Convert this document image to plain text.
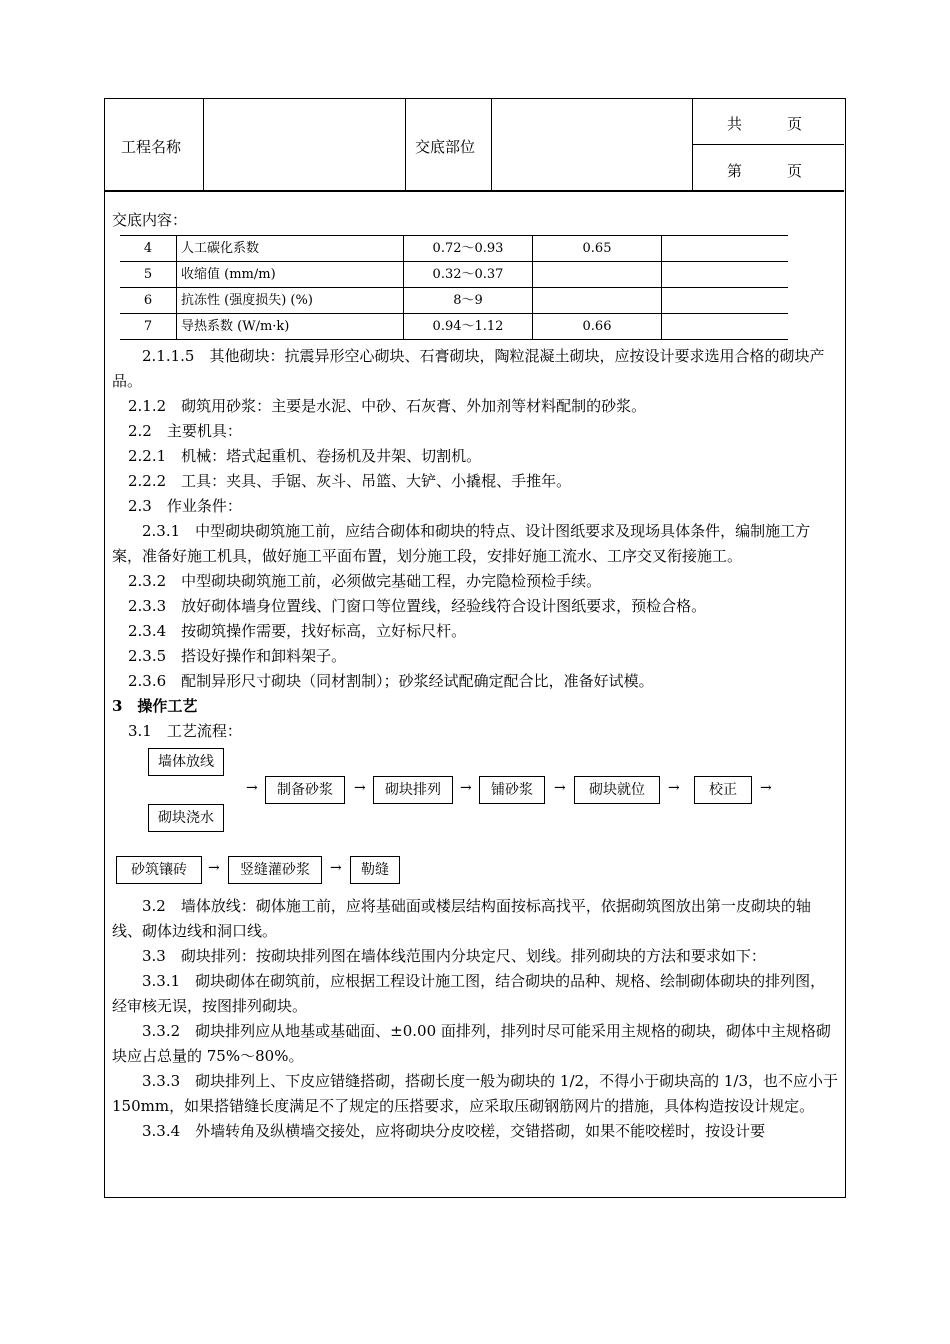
工程名称	交底部位
共　　　页
第　　　页

交底内容：

4	人工碳化系数	0.72～0.93	0.65	
5	收缩值 (mm/m)	0.32～0.37		
6	抗冻性 (强度损失) (%)	8～9		
7	导热系数 (W/m·k)	0.94～1.12	0.66	

2.1.1.5　其他砌块：抗震异形空心砌块、石膏砌块，陶粒混凝土砌块，应按设计要求选用合格的砌块产品。

2.1.2　砌筑用砂浆：主要是水泥、中砂、石灰膏、外加剂等材料配制的砂浆。

2.2　主要机具：

2.2.1　机械：塔式起重机、卷扬机及井架、切割机。

2.2.2　工具：夹具、手锯、灰斗、吊篮、大铲、小撬棍、手推年。

2.3　作业条件：

2.3.1　中型砌块砌筑施工前，应结合砌体和砌块的特点、设计图纸要求及现场具体条件，编制施工方案，准备好施工机具，做好施工平面布置，划分施工段，安排好施工流水、工序交叉衔接施工。

2.3.2　中型砌块砌筑施工前，必须做完基础工程，办完隐检预检手续。

2.3.3　放好砌体墙身位置线、门窗口等位置线，经验线符合设计图纸要求，预检合格。

2.3.4　按砌筑操作需要，找好标高，立好标尺杆。

2.3.5　搭设好操作和卸料架子。

2.3.6　配制异形尺寸砌块（同材割制）；砂浆经试配确定配合比，准备好试模。

3　操作工艺

3.1　工艺流程：

墙体放线
砌块浇水
→	制备砂浆	→	砌块排列	→	铺砂浆	→	砌块就位	→	校正	→
砂筑镶砖	→	竖缝灌砂浆	→	勒缝

3.2　墙体放线：砌体施工前，应将基础面或楼层结构面按标高找平，依据砌筑图放出第一皮砌块的轴线、砌体边线和洞口线。

3.3　砌块排列：按砌块排列图在墙体线范围内分块定尺、划线。排列砌块的方法和要求如下：

3.3.1　砌块砌体在砌筑前，应根据工程设计施工图，结合砌块的品种、规格、绘制砌体砌块的排列图，经审核无误，按图排列砌块。

3.3.2　砌块排列应从地基或基础面、±0.00 面排列，排列时尽可能采用主规格的砌块，砌体中主规格砌块应占总量的 75%～80%。

3.3.3　砌块排列上、下皮应错缝搭砌，搭砌长度一般为砌块的 1/2，不得小于砌块高的 1/3，也不应小于 150mm，如果搭错缝长度满足不了规定的压搭要求，应采取压砌钢筋网片的措施，具体构造按设计规定。

3.3.4　外墙转角及纵横墙交接处，应将砌块分皮咬槎，交错搭砌，如果不能咬槎时，按设计要
